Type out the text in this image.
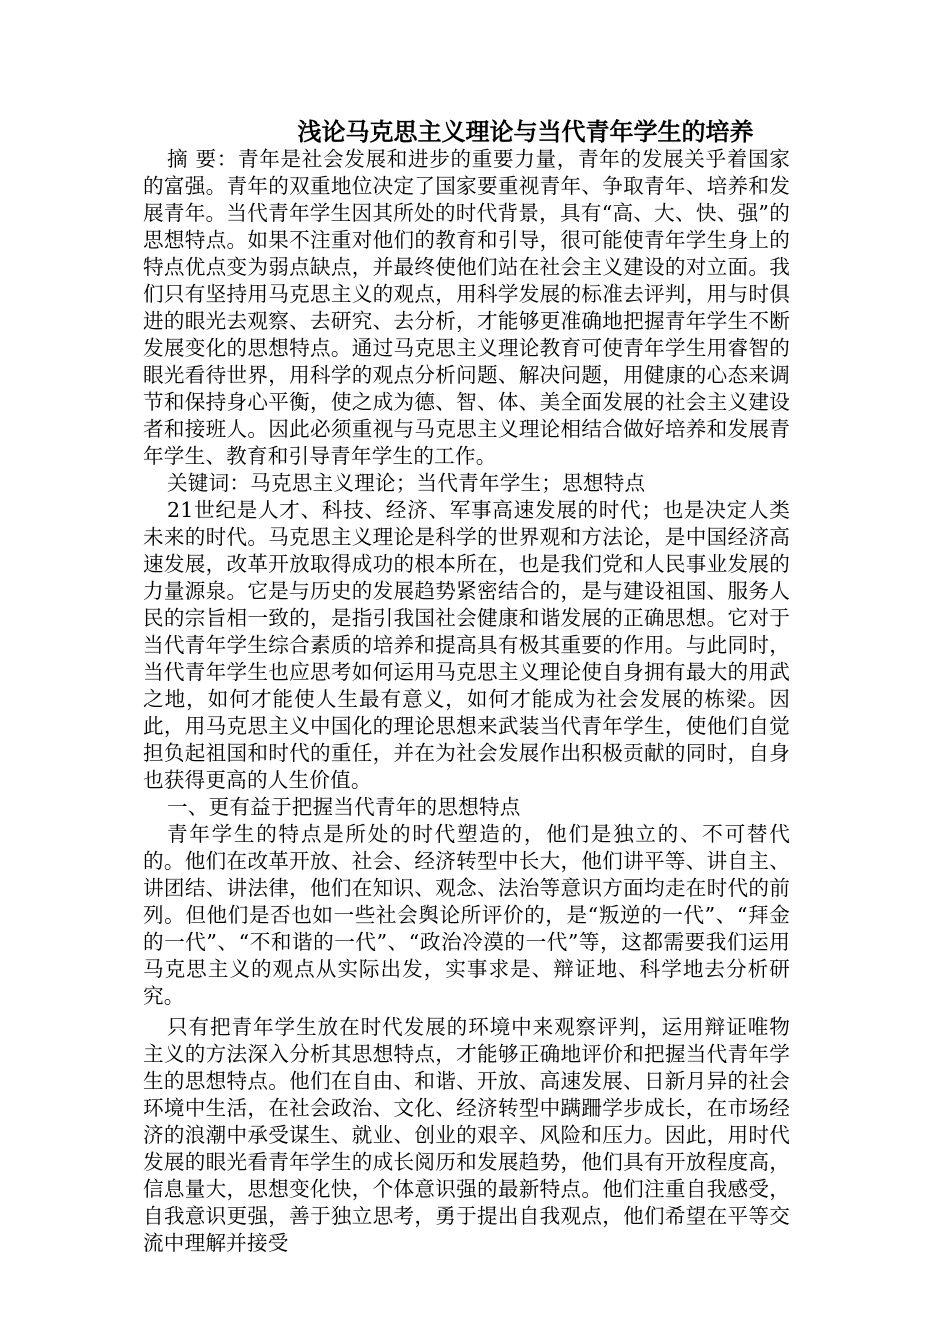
浅论马克思主义理论与当代青年学生的培养

摘 要：青年是社会发展和进步的重要力量，青年的发展关乎着国家的富强。青年的双重地位决定了国家要重视青年、争取青年、培养和发展青年。当代青年学生因其所处的时代背景，具有“高、大、快、强”的思想特点。如果不注重对他们的教育和引导，很可能使青年学生身上的特点优点变为弱点缺点，并最终使他们站在社会主义建设的对立面。我们只有坚持用马克思主义的观点，用科学发展的标准去评判，用与时俱进的眼光去观察、去研究、去分析，才能够更准确地把握青年学生不断发展变化的思想特点。通过马克思主义理论教育可使青年学生用睿智的眼光看待世界，用科学的观点分析问题、解决问题，用健康的心态来调节和保持身心平衡，使之成为德、智、体、美全面发展的社会主义建设者和接班人。因此必须重视与马克思主义理论相结合做好培养和发展青年学生、教育和引导青年学生的工作。

关键词：马克思主义理论；当代青年学生；思想特点

21世纪是人才、科技、经济、军事高速发展的时代；也是决定人类未来的时代。马克思主义理论是科学的世界观和方法论，是中国经济高速发展，改革开放取得成功的根本所在，也是我们党和人民事业发展的力量源泉。它是与历史的发展趋势紧密结合的，是与建设祖国、服务人民的宗旨相一致的，是指引我国社会健康和谐发展的正确思想。它对于当代青年学生综合素质的培养和提高具有极其重要的作用。与此同时，当代青年学生也应思考如何运用马克思主义理论使自身拥有最大的用武之地，如何才能使人生最有意义，如何才能成为社会发展的栋梁。因此，用马克思主义中国化的理论思想来武装当代青年学生，使他们自觉担负起祖国和时代的重任，并在为社会发展作出积极贡献的同时，自身也获得更高的人生价值。

一、更有益于把握当代青年的思想特点

青年学生的特点是所处的时代塑造的，他们是独立的、不可替代的。他们在改革开放、社会、经济转型中长大，他们讲平等、讲自主、讲团结、讲法律，他们在知识、观念、法治等意识方面均走在时代的前列。但他们是否也如一些社会舆论所评价的，是“叛逆的一代”、“拜金的一代”、“不和谐的一代”、“政治冷漠的一代”等，这都需要我们运用马克思主义的观点从实际出发，实事求是、辩证地、科学地去分析研究。

只有把青年学生放在时代发展的环境中来观察评判，运用辩证唯物主义的方法深入分析其思想特点，才能够正确地评价和把握当代青年学生的思想特点。他们在自由、和谐、开放、高速发展、日新月异的社会环境中生活，在社会政治、文化、经济转型中蹒跚学步成长，在市场经济的浪潮中承受谋生、就业、创业的艰辛、风险和压力。因此，用时代发展的眼光看青年学生的成长阅历和发展趋势，他们具有开放程度高，信息量大，思想变化快，个体意识强的最新特点。他们注重自我感受，自我意识更强，善于独立思考，勇于提出自我观点，他们希望在平等交流中理解并接受
